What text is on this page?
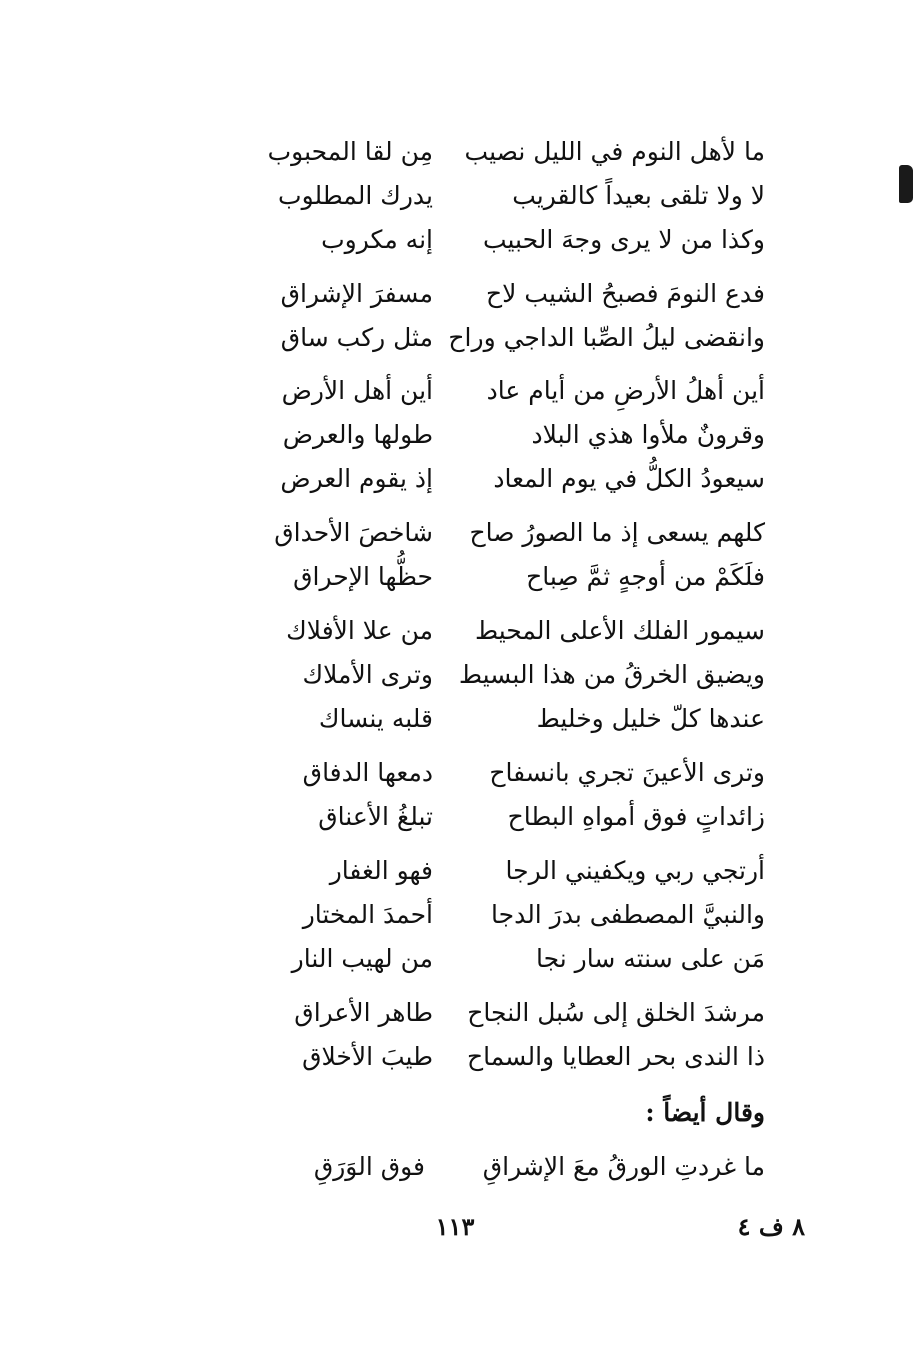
ما لأهل النوم في الليل نصيب
مِن لقا المحبوب
لا ولا تلقى بعيداً كالقريب
يدرك المطلوب
وكذا من لا يرى وجهَ الحبيب
إنه مكروب
فدع النومَ فصبحُ الشيب لاح
مسفرَ الإشراق
وانقضى ليلُ الصِّبا الداجي وراح
مثل ركب ساق
أين أهلُ الأرضِ من أيام عاد
أين أهل الأرض
وقرونٌ ملأوا هذي البلاد
طولها والعرض
سيعودُ الكلُّ في يوم المعاد
إذ يقوم العرض
كلهم يسعى إذ ما الصورُ صاح
شاخصَ الأحداق
فلَكَمْ من أوجهٍ ثمَّ صِباح
حظُّها الإحراق
سيمور الفلك الأعلى المحيط
من علا الأفلاك
ويضيق الخرقُ من هذا البسيط
وترى الأملاك
عندها كلّ خليل وخليط
قلبه ينساك
وترى الأعينَ تجري بانسفاح
دمعها الدفاق
زائداتٍ فوق أمواهِ البطاح
تبلغُ الأعناق
أرتجي ربي ويكفيني الرجا
فهو الغفار
والنبيَّ المصطفى بدرَ الدجا
أحمدَ المختار
مَن على سنته سار نجا
من لهيب النار
مرشدَ الخلق إلى سُبل النجاح
طاهر الأعراق
ذا الندى بحر العطايا والسماح
طيبَ الأخلاق
وقال أيضاً :
ما غردتِ الورقُ معَ الإشراقِ
فوق الوَرَقِ
١١٣	٨ ف ٤
